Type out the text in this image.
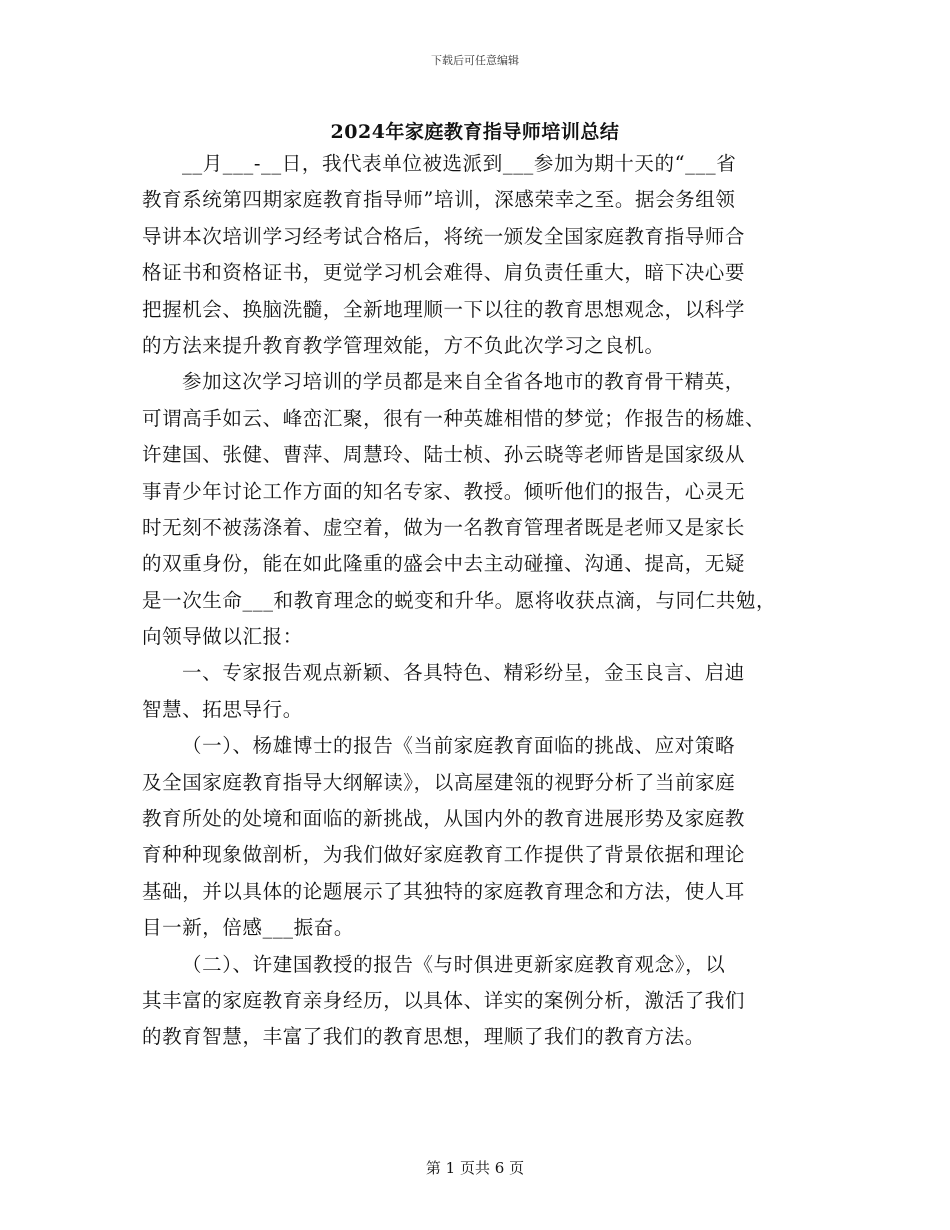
下载后可任意编辑
2024年家庭教育指导师培训总结
__月___-__日，我代表单位被选派到___参加为期十天的“___省
教育系统第四期家庭教育指导师”培训，深感荣幸之至。据会务组领
导讲本次培训学习经考试合格后，将统一颁发全国家庭教育指导师合
格证书和资格证书，更觉学习机会难得、肩负责任重大，暗下决心要
把握机会、换脑洗髓，全新地理顺一下以往的教育思想观念，以科学
的方法来提升教育教学管理效能，方不负此次学习之良机。
参加这次学习培训的学员都是来自全省各地市的教育骨干精英，
可谓高手如云、峰峦汇聚，很有一种英雄相惜的梦觉；作报告的杨雄、
许建国、张健、曹萍、周慧玲、陆士桢、孙云晓等老师皆是国家级从
事青少年讨论工作方面的知名专家、教授。倾听他们的报告，心灵无
时无刻不被荡涤着、虚空着，做为一名教育管理者既是老师又是家长
的双重身份，能在如此隆重的盛会中去主动碰撞、沟通、提高，无疑
是一次生命___和教育理念的蜕变和升华。愿将收获点滴，与同仁共勉，
向领导做以汇报：
一、专家报告观点新颖、各具特色、精彩纷呈，金玉良言、启迪
智慧、拓思导行。
（一）、杨雄博士的报告《当前家庭教育面临的挑战、应对策略
及全国家庭教育指导大纲解读》，以高屋建瓴的视野分析了当前家庭
教育所处的处境和面临的新挑战，从国内外的教育进展形势及家庭教
育种种现象做剖析，为我们做好家庭教育工作提供了背景依据和理论
基础，并以具体的论题展示了其独特的家庭教育理念和方法，使人耳
目一新，倍感___振奋。
（二）、许建国教授的报告《与时俱进更新家庭教育观念》，以
其丰富的家庭教育亲身经历，以具体、详实的案例分析，激活了我们
的教育智慧，丰富了我们的教育思想，理顺了我们的教育方法。
第 1 页共 6 页
